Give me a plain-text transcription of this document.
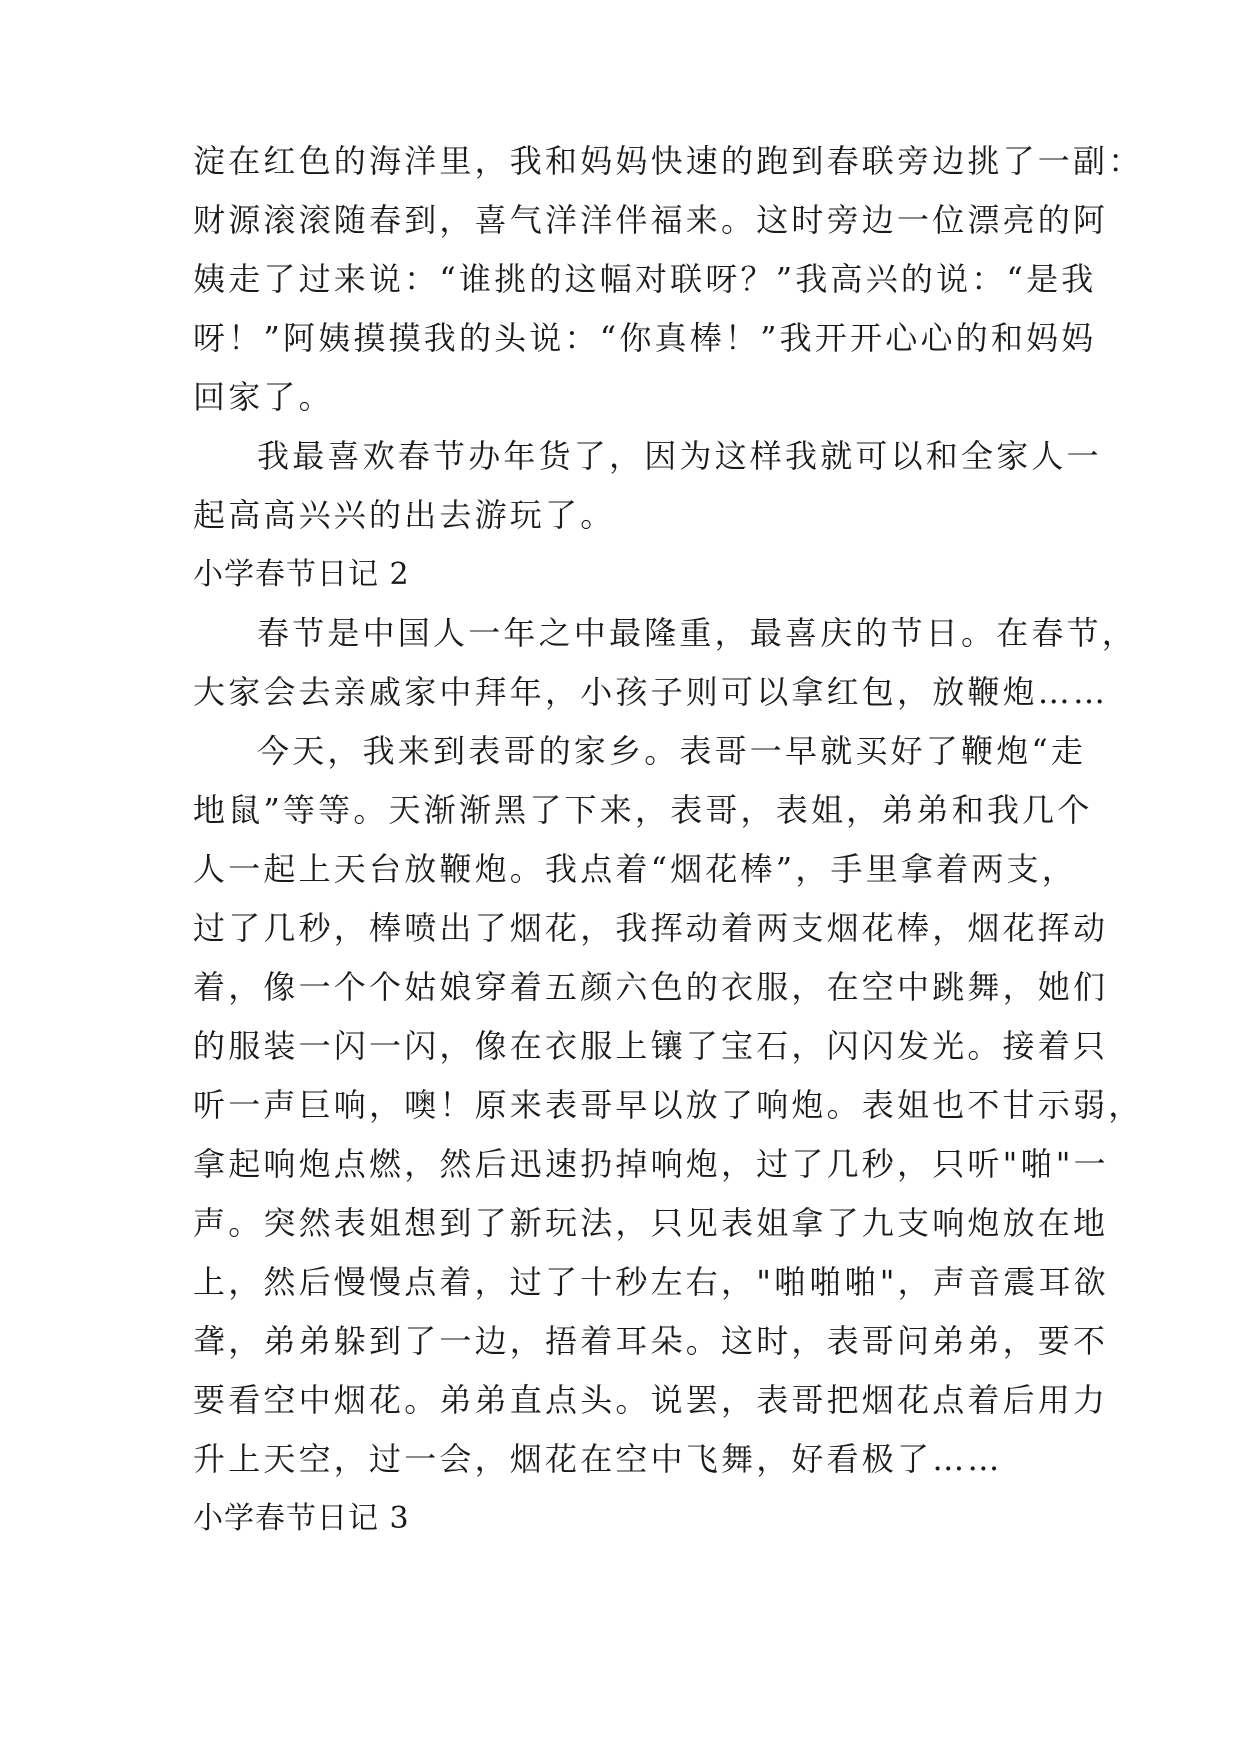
淀在红色的海洋里，我和妈妈快速的跑到春联旁边挑了一副：
财源滚滚随春到，喜气洋洋伴福来。这时旁边一位漂亮的阿
姨走了过来说：“谁挑的这幅对联呀？”我高兴的说：“是我
呀！”阿姨摸摸我的头说：“你真棒！”我开开心心的和妈妈
回家了。
我最喜欢春节办年货了，因为这样我就可以和全家人一
起高高兴兴的出去游玩了。
小学春节日记 2
春节是中国人一年之中最隆重，最喜庆的节日。在春节，
大家会去亲戚家中拜年，小孩子则可以拿红包，放鞭炮……
今天，我来到表哥的家乡。表哥一早就买好了鞭炮“走
地鼠”等等。天渐渐黑了下来，表哥，表姐，弟弟和我几个
人一起上天台放鞭炮。我点着“烟花棒”，手里拿着两支，
过了几秒，棒喷出了烟花，我挥动着两支烟花棒，烟花挥动
着，像一个个姑娘穿着五颜六色的衣服，在空中跳舞，她们
的服装一闪一闪，像在衣服上镶了宝石，闪闪发光。接着只
听一声巨响，噢！原来表哥早以放了响炮。表姐也不甘示弱，
拿起响炮点燃，然后迅速扔掉响炮，过了几秒，只听"啪"一
声。突然表姐想到了新玩法，只见表姐拿了九支响炮放在地
上，然后慢慢点着，过了十秒左右，"啪啪啪"，声音震耳欲
聋，弟弟躲到了一边，捂着耳朵。这时，表哥问弟弟，要不
要看空中烟花。弟弟直点头。说罢，表哥把烟花点着后用力
升上天空，过一会，烟花在空中飞舞，好看极了……
小学春节日记 3
